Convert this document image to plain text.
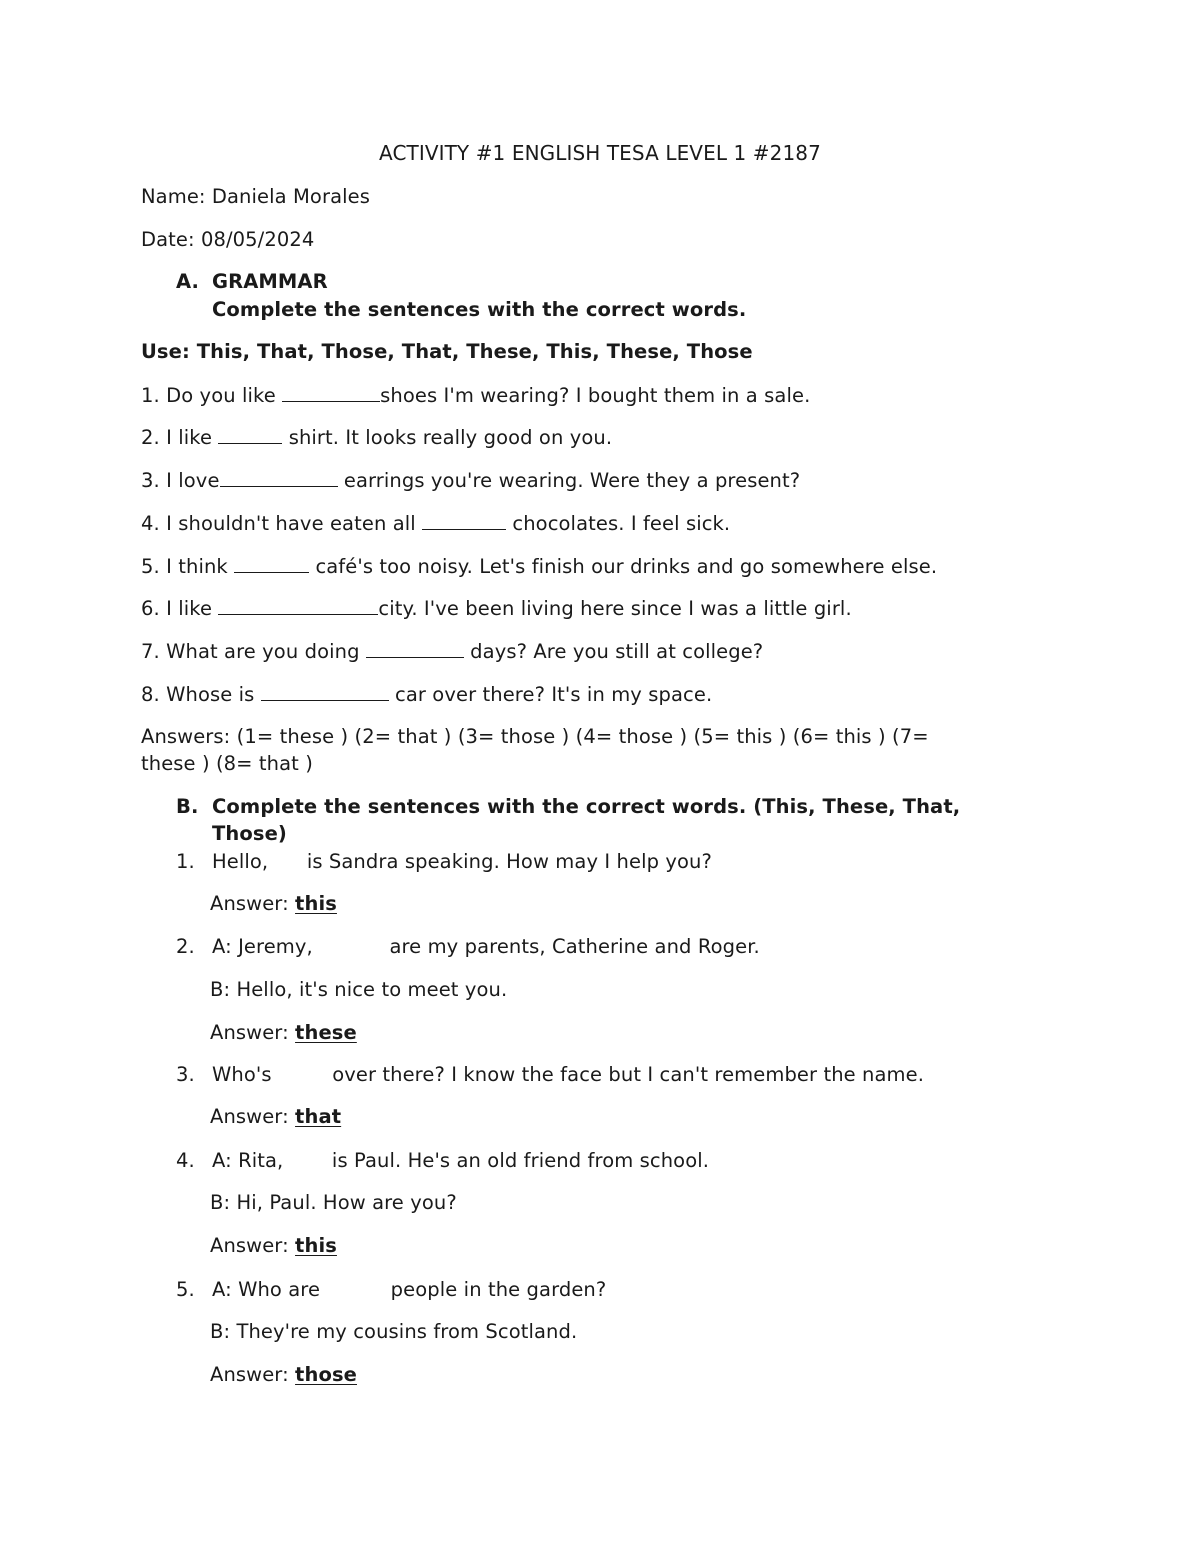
ACTIVITY #1 ENGLISH TESA LEVEL 1 #2187
Name: Daniela Morales
Date: 08/05/2024
A. GRAMMAR
Complete the sentences with the correct words.
Use: This, That, Those, That, These, This, These, Those
1. Do you like	shoes I'm wearing? I bought them in a sale.
2. I like	shirt. It looks really good on you.
3. I love	earrings you're wearing. Were they a present?
4. I shouldn't have eaten all	chocolates. I feel sick.
5. I think	café's too noisy. Let's finish our drinks and go somewhere else.
6. I like	city. I've been living here since I was a little girl.
7. What are you doing	days? Are you still at college?
8. Whose is	car over there? It's in my space.
Answers: (1= these ) (2= that ) (3= those ) (4= those ) (5= this ) (6= this ) (7=
these ) (8= that )
B. Complete the sentences with the correct words. (This, These, That,
Those)
1. Hello,  is Sandra speaking. How may I help you?
Answer: this
2. A: Jeremy,	are my parents, Catherine and Roger.
B: Hello, it's nice to meet you.
Answer: these
3. Who's  over there? I know the face but I can't remember the name.
Answer: that
4. A: Rita,  is Paul. He's an old friend from school.
B: Hi, Paul. How are you?
Answer: this
5. A: Who are	people in the garden?
B: They're my cousins from Scotland.
Answer: those
